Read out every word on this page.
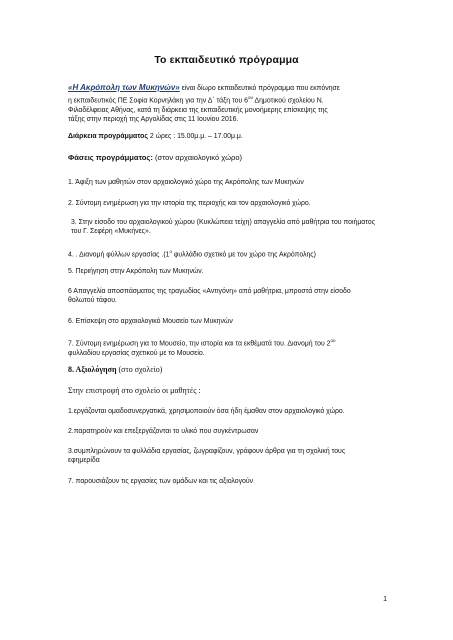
Το εκπαιδευτικό πρόγραμμα
«Η Ακρόπολη των Μυκηνών» είναι δίωρο εκπαιδευτικό πρόγραμμα που εκπόνησε
η εκπαιδευτικός ΠΕ Σοφία Κορνηλάκη για την Δ΄ τάξη του $6^{o\upsilon}$ Δημοτικού σχολείου Ν.
Φιλαδέλφειας Αθήνας, κατά τη διάρκεια της εκπαιδευτικής μονοήμερης επίσκεψης της
τάξης στην περιοχή της Αργολίδας στις 11 Ιουνίου 2016.
Διάρκεια προγράμματος 2 ώρες : 15.00μ.μ. – 17.00μ.μ.
Φάσεις προγράμματος: (στον αρχαιολογικό χώρο)
1. Άφιξη των μαθητών στον αρχαιολογικό χώρο της Ακρόπολης των Μυκηνών
2. Σύντομη ενημέρωση για την ιστορία της περιοχής και τον αρχαιολογικό χώρο.
3. Στην είσοδο του αρχαιολογικού χώρου (Κυκλώπεια τείχη) απαγγελία από μαθήτρια του ποιήματος του Γ. Σεφέρη «Μυκήνες».
4. . Διανομή φύλλων εργασίας $.(1^o$ φυλλάδιο σχετικό με τον χώρο της Ακρόπολης)
5. Περιήγηση στην Ακρόπολη των Μυκηνών.
6 Απαγγελία αποσπάσματος της τραγωδίας «Αντιγόνη» από μαθήτρια, μπροστά στην είσοδο θολωτού τάφου.
6. Επίσκεψη στο αρχαιολογικό Μουσείο των Μυκηνών
7. Σύντομη ενημέρωση για το Μουσείο, την ιστορία και τα εκθέματά του. Διανομή του $2^{o\upsilon}$
φυλλαδίου εργασίας σχετικού με το Μουσείο.
8. Αξιολόγηση (στο σχολείο)
Στην επιστροφή στο σχολείο οι μαθητές :
1.εργάζονται ομαδοσυνεργατικά, χρησιμοποιούν όσα ήδη έμαθαν στον αρχαιολογικό χώρο.
2.παρατηρούν και επεξεργάζονται το υλικό που συγκέντρωσαν
3.συμπληρώνουν τα φυλλάδια εργασίας, ζωγραφίζουν, γράφουν άρθρα για τη σχολική τους εφημερίδα
7. παρουσιάζουν τις εργασίες των ομάδων και τις αξιολογούν
1
